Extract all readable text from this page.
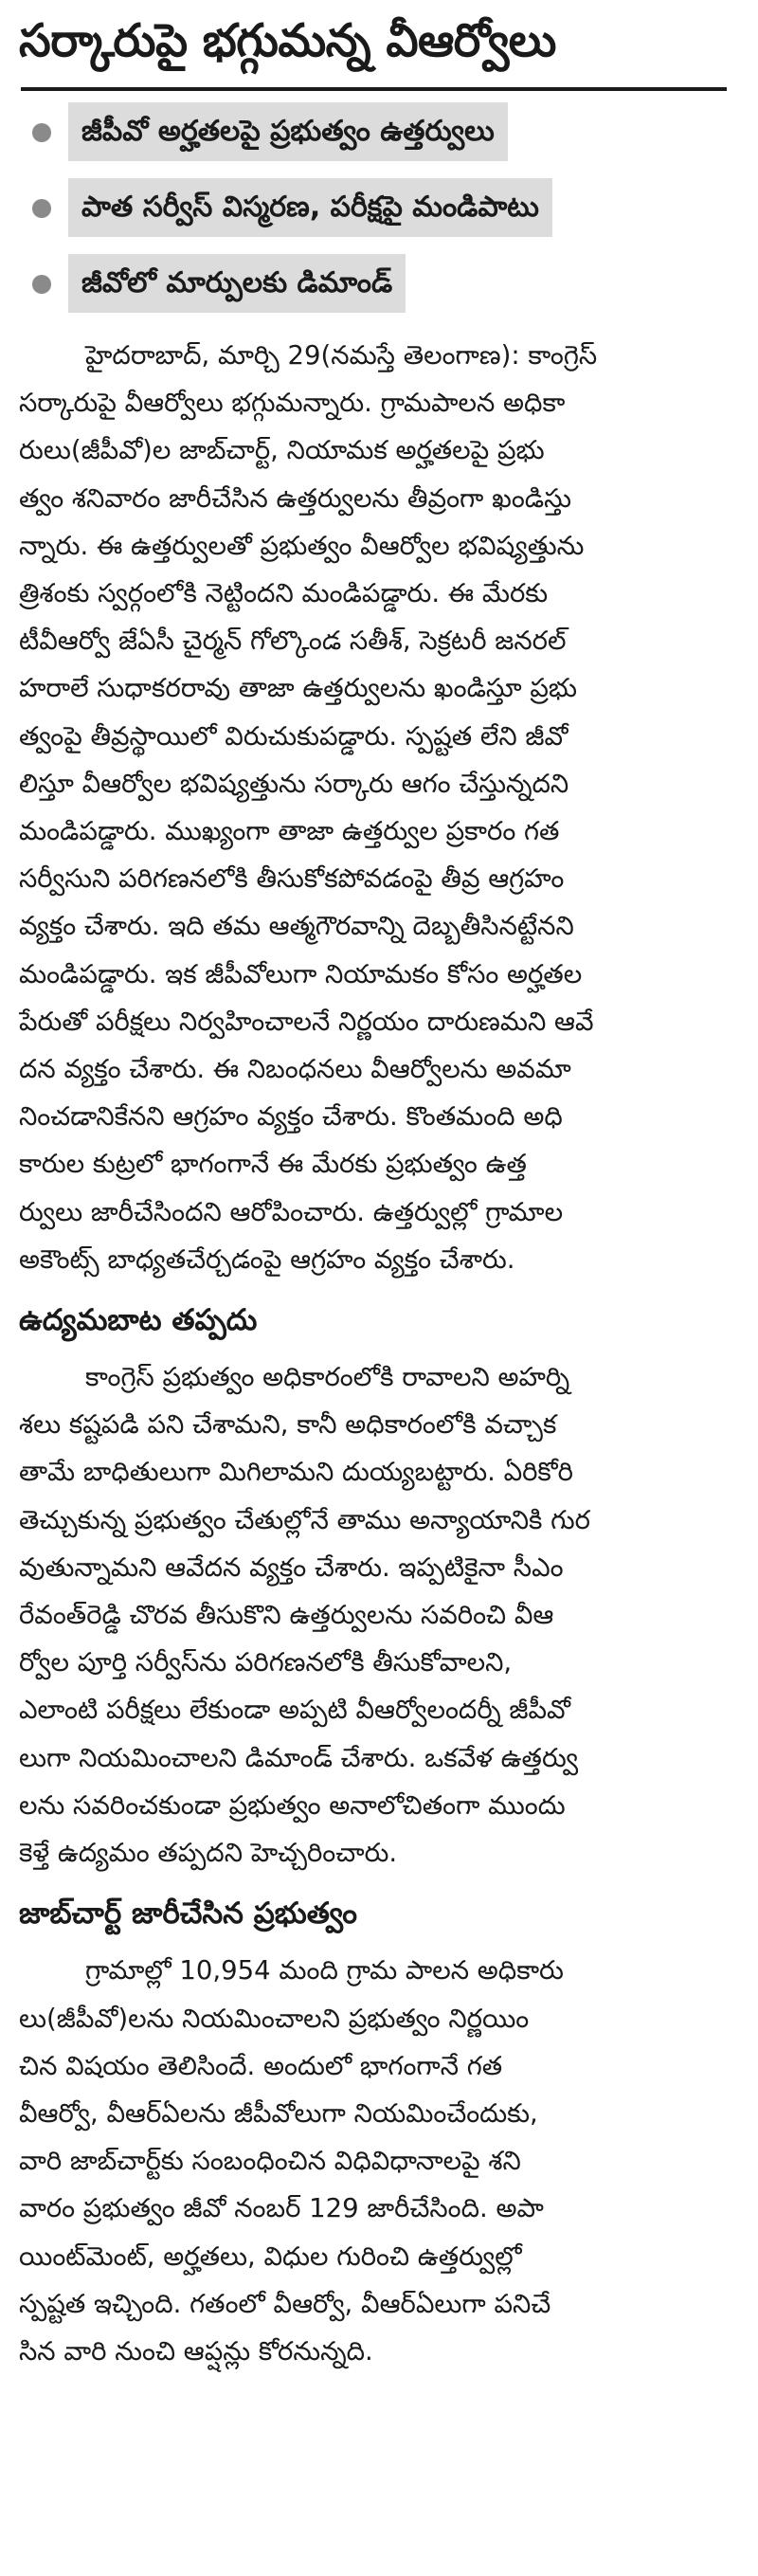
సర్కారుపై భగ్గుమన్న వీఆర్వోలు
జీపీవో అర్హతలపై ప్రభుత్వం ఉత్తర్వులు
పాత సర్వీస్ విస్మరణ, పరీక్షపై మండిపాటు
జీవోలో మార్పులకు డిమాండ్
హైదరాబాద్, మార్చి 29(నమస్తే తెలంగాణ): కాంగ్రెస్
సర్కారుపై వీఆర్వోలు భగ్గుమన్నారు. గ్రామపాలన అధికా
రులు(జీపీవో)ల జాబ్‌చార్ట్, నియామక అర్హతలపై ప్రభు
త్వం శనివారం జారీచేసిన ఉత్తర్వులను తీవ్రంగా ఖండిస్తు
న్నారు. ఈ ఉత్తర్వులతో ప్రభుత్వం వీఆర్వోల భవిష్యత్తును
త్రిశంకు స్వర్గంలోకి నెట్టిందని మండిపడ్డారు. ఈ మేరకు
టీవీఆర్వో జేఏసీ చైర్మన్ గోల్కొండ సతీశ్, సెక్రటరీ జనరల్
హరాలే సుధాకరరావు తాజా ఉత్తర్వులను ఖండిస్తూ ప్రభు
త్వంపై తీవ్రస్థాయిలో విరుచుకుపడ్డారు. స్పష్టత లేని జీవో
లిస్తూ వీఆర్వోల భవిష్యత్తును సర్కారు ఆగం చేస్తున్నదని
మండిపడ్డారు. ముఖ్యంగా తాజా ఉత్తర్వుల ప్రకారం గత
సర్వీసుని పరిగణనలోకి తీసుకోకపోవడంపై తీవ్ర ఆగ్రహం
వ్యక్తం చేశారు. ఇది తమ ఆత్మగౌరవాన్ని దెబ్బతీసినట్టేనని
మండిపడ్డారు. ఇక జీపీవోలుగా నియామకం కోసం అర్హతల
పేరుతో పరీక్షలు నిర్వహించాలనే నిర్ణయం దారుణమని ఆవే
దన వ్యక్తం చేశారు. ఈ నిబంధనలు వీఆర్వోలను అవమా
నించడానికేనని ఆగ్రహం వ్యక్తం చేశారు. కొంతమంది అధి
కారుల కుట్రలో భాగంగానే ఈ మేరకు ప్రభుత్వం ఉత్త
ర్వులు జారీచేసిందని ఆరోపించారు. ఉత్తర్వుల్లో గ్రామాల
అకౌంట్స్ బాధ్యతచేర్చడంపై ఆగ్రహం వ్యక్తం చేశారు.
ఉద్యమబాట తప్పదు
కాంగ్రెస్ ప్రభుత్వం అధికారంలోకి రావాలని అహర్ని
శలు కష్టపడి పని చేశామని, కానీ అధికారంలోకి వచ్చాక
తామే బాధితులుగా మిగిలామని దుయ్యబట్టారు. ఏరికోరి
తెచ్చుకున్న ప్రభుత్వం చేతుల్లోనే తాము అన్యాయానికి గుర
వుతున్నామని ఆవేదన వ్యక్తం చేశారు. ఇప్పటికైనా సీఎం
రేవంత్‌రెడ్డి చొరవ తీసుకొని ఉత్తర్వులను సవరించి వీఆ
ర్వోల పూర్తి సర్వీస్‌ను పరిగణనలోకి తీసుకోవాలని,
ఎలాంటి పరీక్షలు లేకుండా అప్పటి వీఆర్వోలందర్నీ జీపీవో
లుగా నియమించాలని డిమాండ్ చేశారు. ఒకవేళ ఉత్తర్వు
లను సవరించకుండా ప్రభుత్వం అనాలోచితంగా ముందు
కెళ్తే ఉద్యమం తప్పదని హెచ్చరించారు.
జాబ్‌చార్ట్ జారీచేసిన ప్రభుత్వం
గ్రామాల్లో 10,954 మంది గ్రామ పాలన అధికారు
లు(జీపీవో)లను నియమించాలని ప్రభుత్వం నిర్ణయిం
చిన విషయం తెలిసిందే. అందులో భాగంగానే గత
వీఆర్వో, వీఆర్ఏలను జీపీవోలుగా నియమించేందుకు,
వారి జాబ్‌చార్ట్‌కు సంబంధించిన విధివిధానాలపై శని
వారం ప్రభుత్వం జీవో నంబర్ 129 జారీచేసింది. అపా
యింట్‌మెంట్, అర్హతలు, విధుల గురించి ఉత్తర్వుల్లో
స్పష్టత ఇచ్చింది. గతంలో వీఆర్వో, వీఆర్ఏలుగా పనిచే
సిన వారి నుంచి ఆప్షన్లు కోరనున్నది.
